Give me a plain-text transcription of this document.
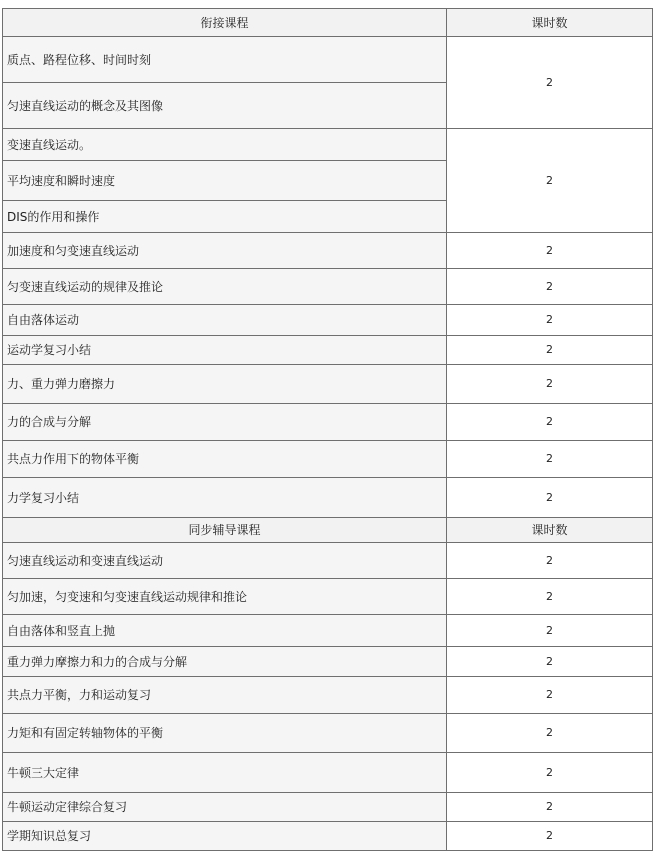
衔接课程	课时数
质点、路程位移、时间时刻	2
匀速直线运动的概念及其图像	
变速直线运动。	2
平均速度和瞬时速度	
DIS的作用和操作	
加速度和匀变速直线运动	2
匀变速直线运动的规律及推论	2
自由落体运动	2
运动学复习小结	2
力、重力弹力磨擦力	2
力的合成与分解	2
共点力作用下的物体平衡	2
力学复习小结	2
同步辅导课程	课时数
匀速直线运动和变速直线运动	2
匀加速，匀变速和匀变速直线运动规律和推论	2
自由落体和竖直上抛	2
重力弹力摩擦力和力的合成与分解	2
共点力平衡，力和运动复习	2
力矩和有固定转轴物体的平衡	2
牛顿三大定律	2
牛顿运动定律综合复习	2
学期知识总复习	2
